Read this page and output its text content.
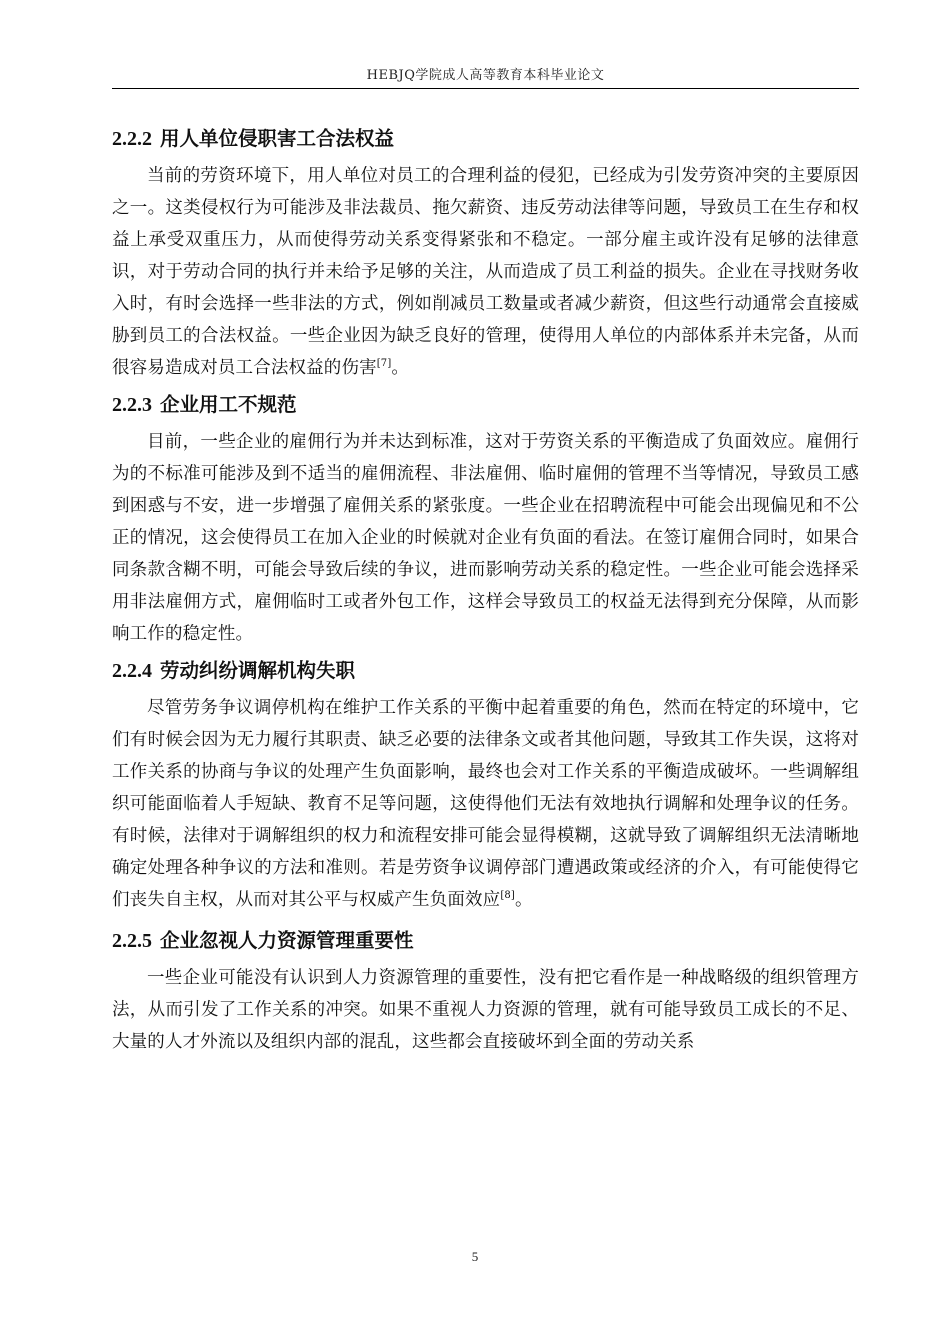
HEBJQ学院成人高等教育本科毕业论文
2.2.2 用人单位侵职害工合法权益

当前的劳资环境下，用人单位对员工的合理利益的侵犯，已经成为引发劳资冲突的主要原因之一。这类侵权行为可能涉及非法裁员、拖欠薪资、违反劳动法律等问题，导致员工在生存和权益上承受双重压力，从而使得劳动关系变得紧张和不稳定。一部分雇主或许没有足够的法律意识，对于劳动合同的执行并未给予足够的关注，从而造成了员工利益的损失。企业在寻找财务收入时，有时会选择一些非法的方式，例如削减员工数量或者减少薪资，但这些行动通常会直接威胁到员工的合法权益。一些企业因为缺乏良好的管理，使得用人单位的内部体系并未完备，从而很容易造成对员工合法权益的伤害[7]。

2.2.3 企业用工不规范

目前，一些企业的雇佣行为并未达到标准，这对于劳资关系的平衡造成了负面效应。雇佣行为的不标准可能涉及到不适当的雇佣流程、非法雇佣、临时雇佣的管理不当等情况，导致员工感到困惑与不安，进一步增强了雇佣关系的紧张度。一些企业在招聘流程中可能会出现偏见和不公正的情况，这会使得员工在加入企业的时候就对企业有负面的看法。在签订雇佣合同时，如果合同条款含糊不明，可能会导致后续的争议，进而影响劳动关系的稳定性。一些企业可能会选择采用非法雇佣方式，雇佣临时工或者外包工作，这样会导致员工的权益无法得到充分保障，从而影响工作的稳定性。

2.2.4 劳动纠纷调解机构失职

尽管劳务争议调停机构在维护工作关系的平衡中起着重要的角色，然而在特定的环境中，它们有时候会因为无力履行其职责、缺乏必要的法律条文或者其他问题，导致其工作失误，这将对工作关系的协商与争议的处理产生负面影响，最终也会对工作关系的平衡造成破坏。一些调解组织可能面临着人手短缺、教育不足等问题，这使得他们无法有效地执行调解和处理争议的任务。有时候，法律对于调解组织的权力和流程安排可能会显得模糊，这就导致了调解组织无法清晰地确定处理各种争议的方法和准则。若是劳资争议调停部门遭遇政策或经济的介入，有可能使得它们丧失自主权，从而对其公平与权威产生负面效应[8]。

2.2.5 企业忽视人力资源管理重要性

一些企业可能没有认识到人力资源管理的重要性，没有把它看作是一种战略级的组织管理方法，从而引发了工作关系的冲突。如果不重视人力资源的管理，就有可能导致员工成长的不足、大量的人才外流以及组织内部的混乱，这些都会直接破坏到全面的劳动关系

5
